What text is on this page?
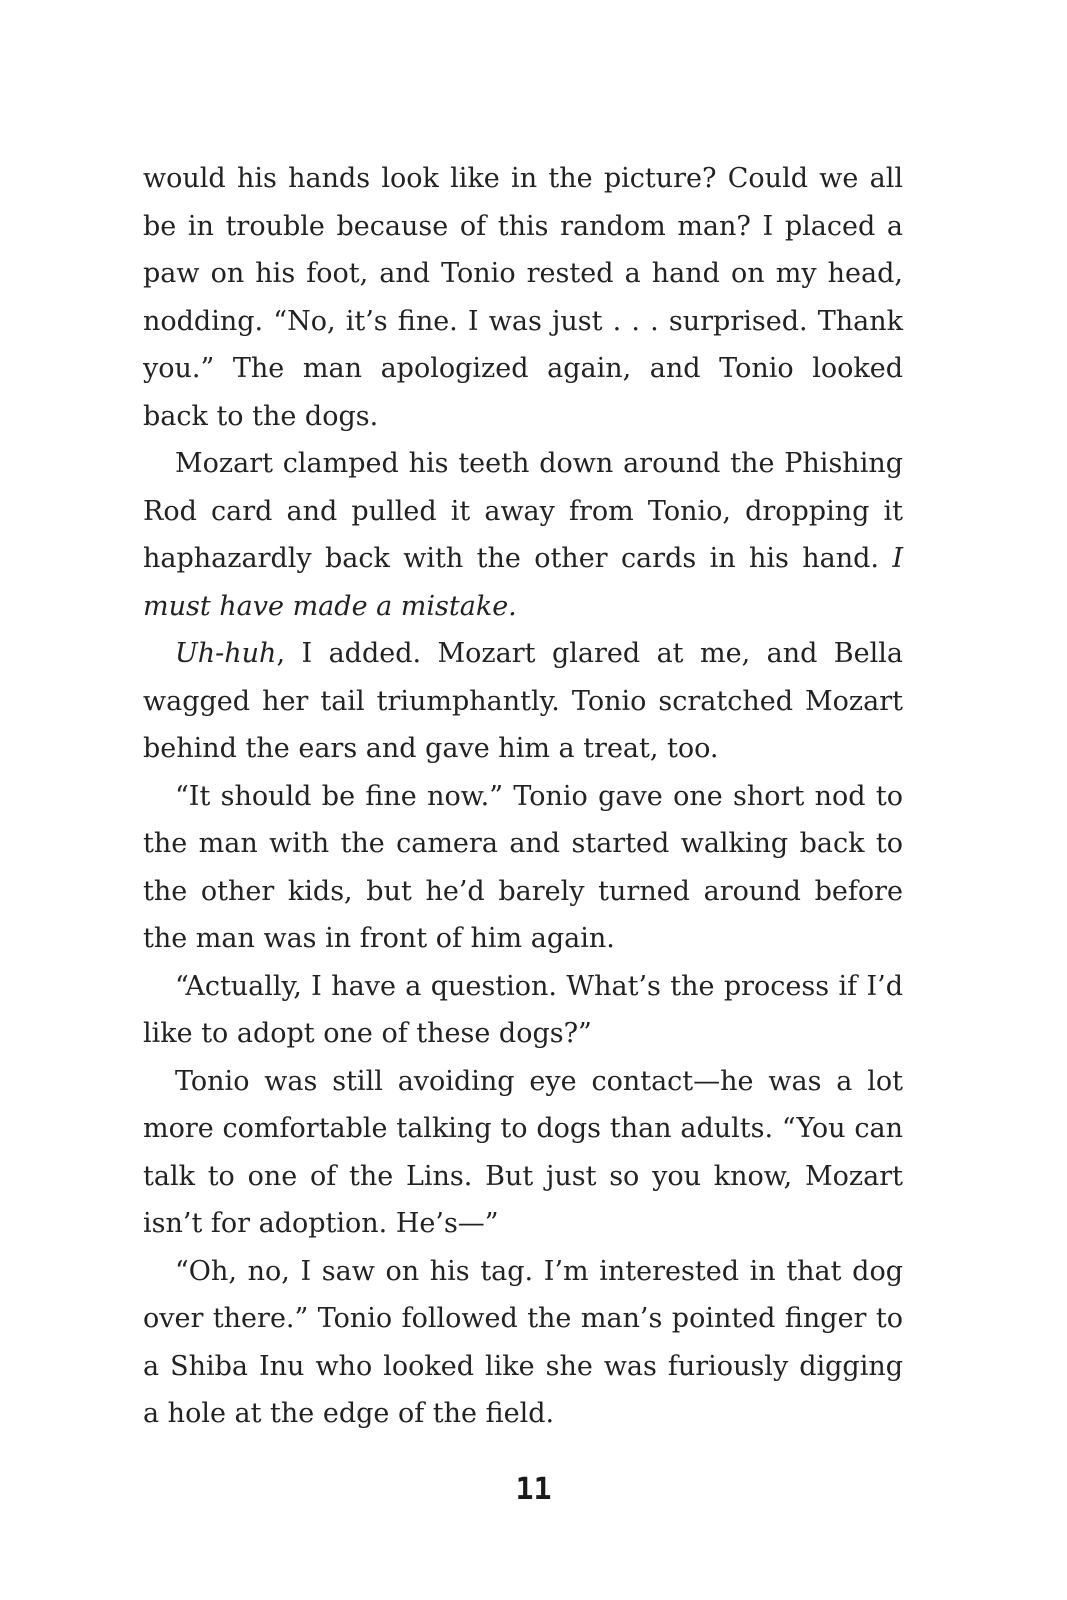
would his hands look like in the picture? Could we all be in trouble because of this random man? I placed a paw on his foot, and Tonio rested a hand on my head, nodding. “No, it’s fine. I was just . . . surprised. Thank you.” The man apologized again, and Tonio looked back to the dogs.

Mozart clamped his teeth down around the Phishing Rod card and pulled it away from Tonio, dropping it haphazardly back with the other cards in his hand. I must have made a mistake.

Uh-huh, I added. Mozart glared at me, and Bella wagged her tail triumphantly. Tonio scratched Mozart behind the ears and gave him a treat, too.

“It should be fine now.” Tonio gave one short nod to the man with the camera and started walking back to the other kids, but he’d barely turned around before the man was in front of him again.

“Actually, I have a question. What’s the process if I’d like to adopt one of these dogs?”

Tonio was still avoiding eye contact—he was a lot more comfortable talking to dogs than adults. “You can talk to one of the Lins. But just so you know, Mozart isn’t for adoption. He’s—”

“Oh, no, I saw on his tag. I’m interested in that dog over there.” Tonio followed the man’s pointed finger to a Shiba Inu who looked like she was furiously digging a hole at the edge of the field.

11
